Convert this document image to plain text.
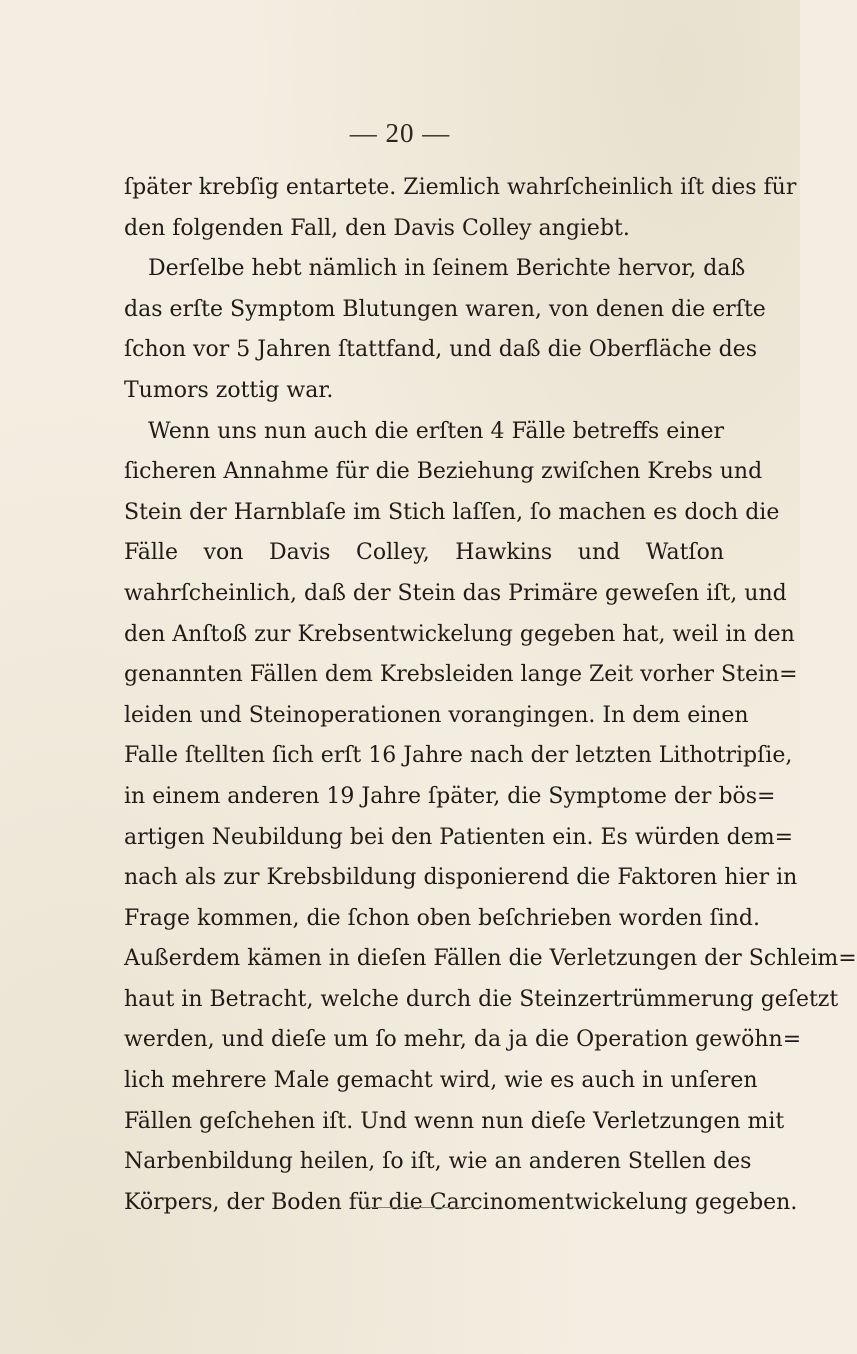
— 20 —
ſpäter krebſig entartete. Ziemlich wahrſcheinlich iſt dies für
den folgenden Fall, den Davis Colley angiebt.
Derſelbe hebt nämlich in ſeinem Berichte hervor, daß
das erſte Symptom Blutungen waren, von denen die erſte
ſchon vor 5 Jahren ſtattfand, und daß die Oberfläche des
Tumors zottig war.
Wenn uns nun auch die erſten 4 Fälle betreffs einer
ſicheren Annahme für die Beziehung zwiſchen Krebs und
Stein der Harnblaſe im Stich laſſen, ſo machen es doch die
Fälle von Davis Colley, Hawkins und Watſon
wahrſcheinlich, daß der Stein das Primäre geweſen iſt, und
den Anſtoß zur Krebsentwickelung gegeben hat, weil in den
genannten Fällen dem Krebsleiden lange Zeit vorher Stein=
leiden und Steinoperationen vorangingen. In dem einen
Falle ſtellten ſich erſt 16 Jahre nach der letzten Lithotripſie,
in einem anderen 19 Jahre ſpäter, die Symptome der bös=
artigen Neubildung bei den Patienten ein. Es würden dem=
nach als zur Krebsbildung disponierend die Faktoren hier in
Frage kommen, die ſchon oben beſchrieben worden ſind.
Außerdem kämen in dieſen Fällen die Verletzungen der Schleim=
haut in Betracht, welche durch die Steinzertrümmerung geſetzt
werden, und dieſe um ſo mehr, da ja die Operation gewöhn=
lich mehrere Male gemacht wird, wie es auch in unſeren
Fällen geſchehen iſt. Und wenn nun dieſe Verletzungen mit
Narbenbildung heilen, ſo iſt, wie an anderen Stellen des
Körpers, der Boden für die Carcinomentwickelung gegeben.
